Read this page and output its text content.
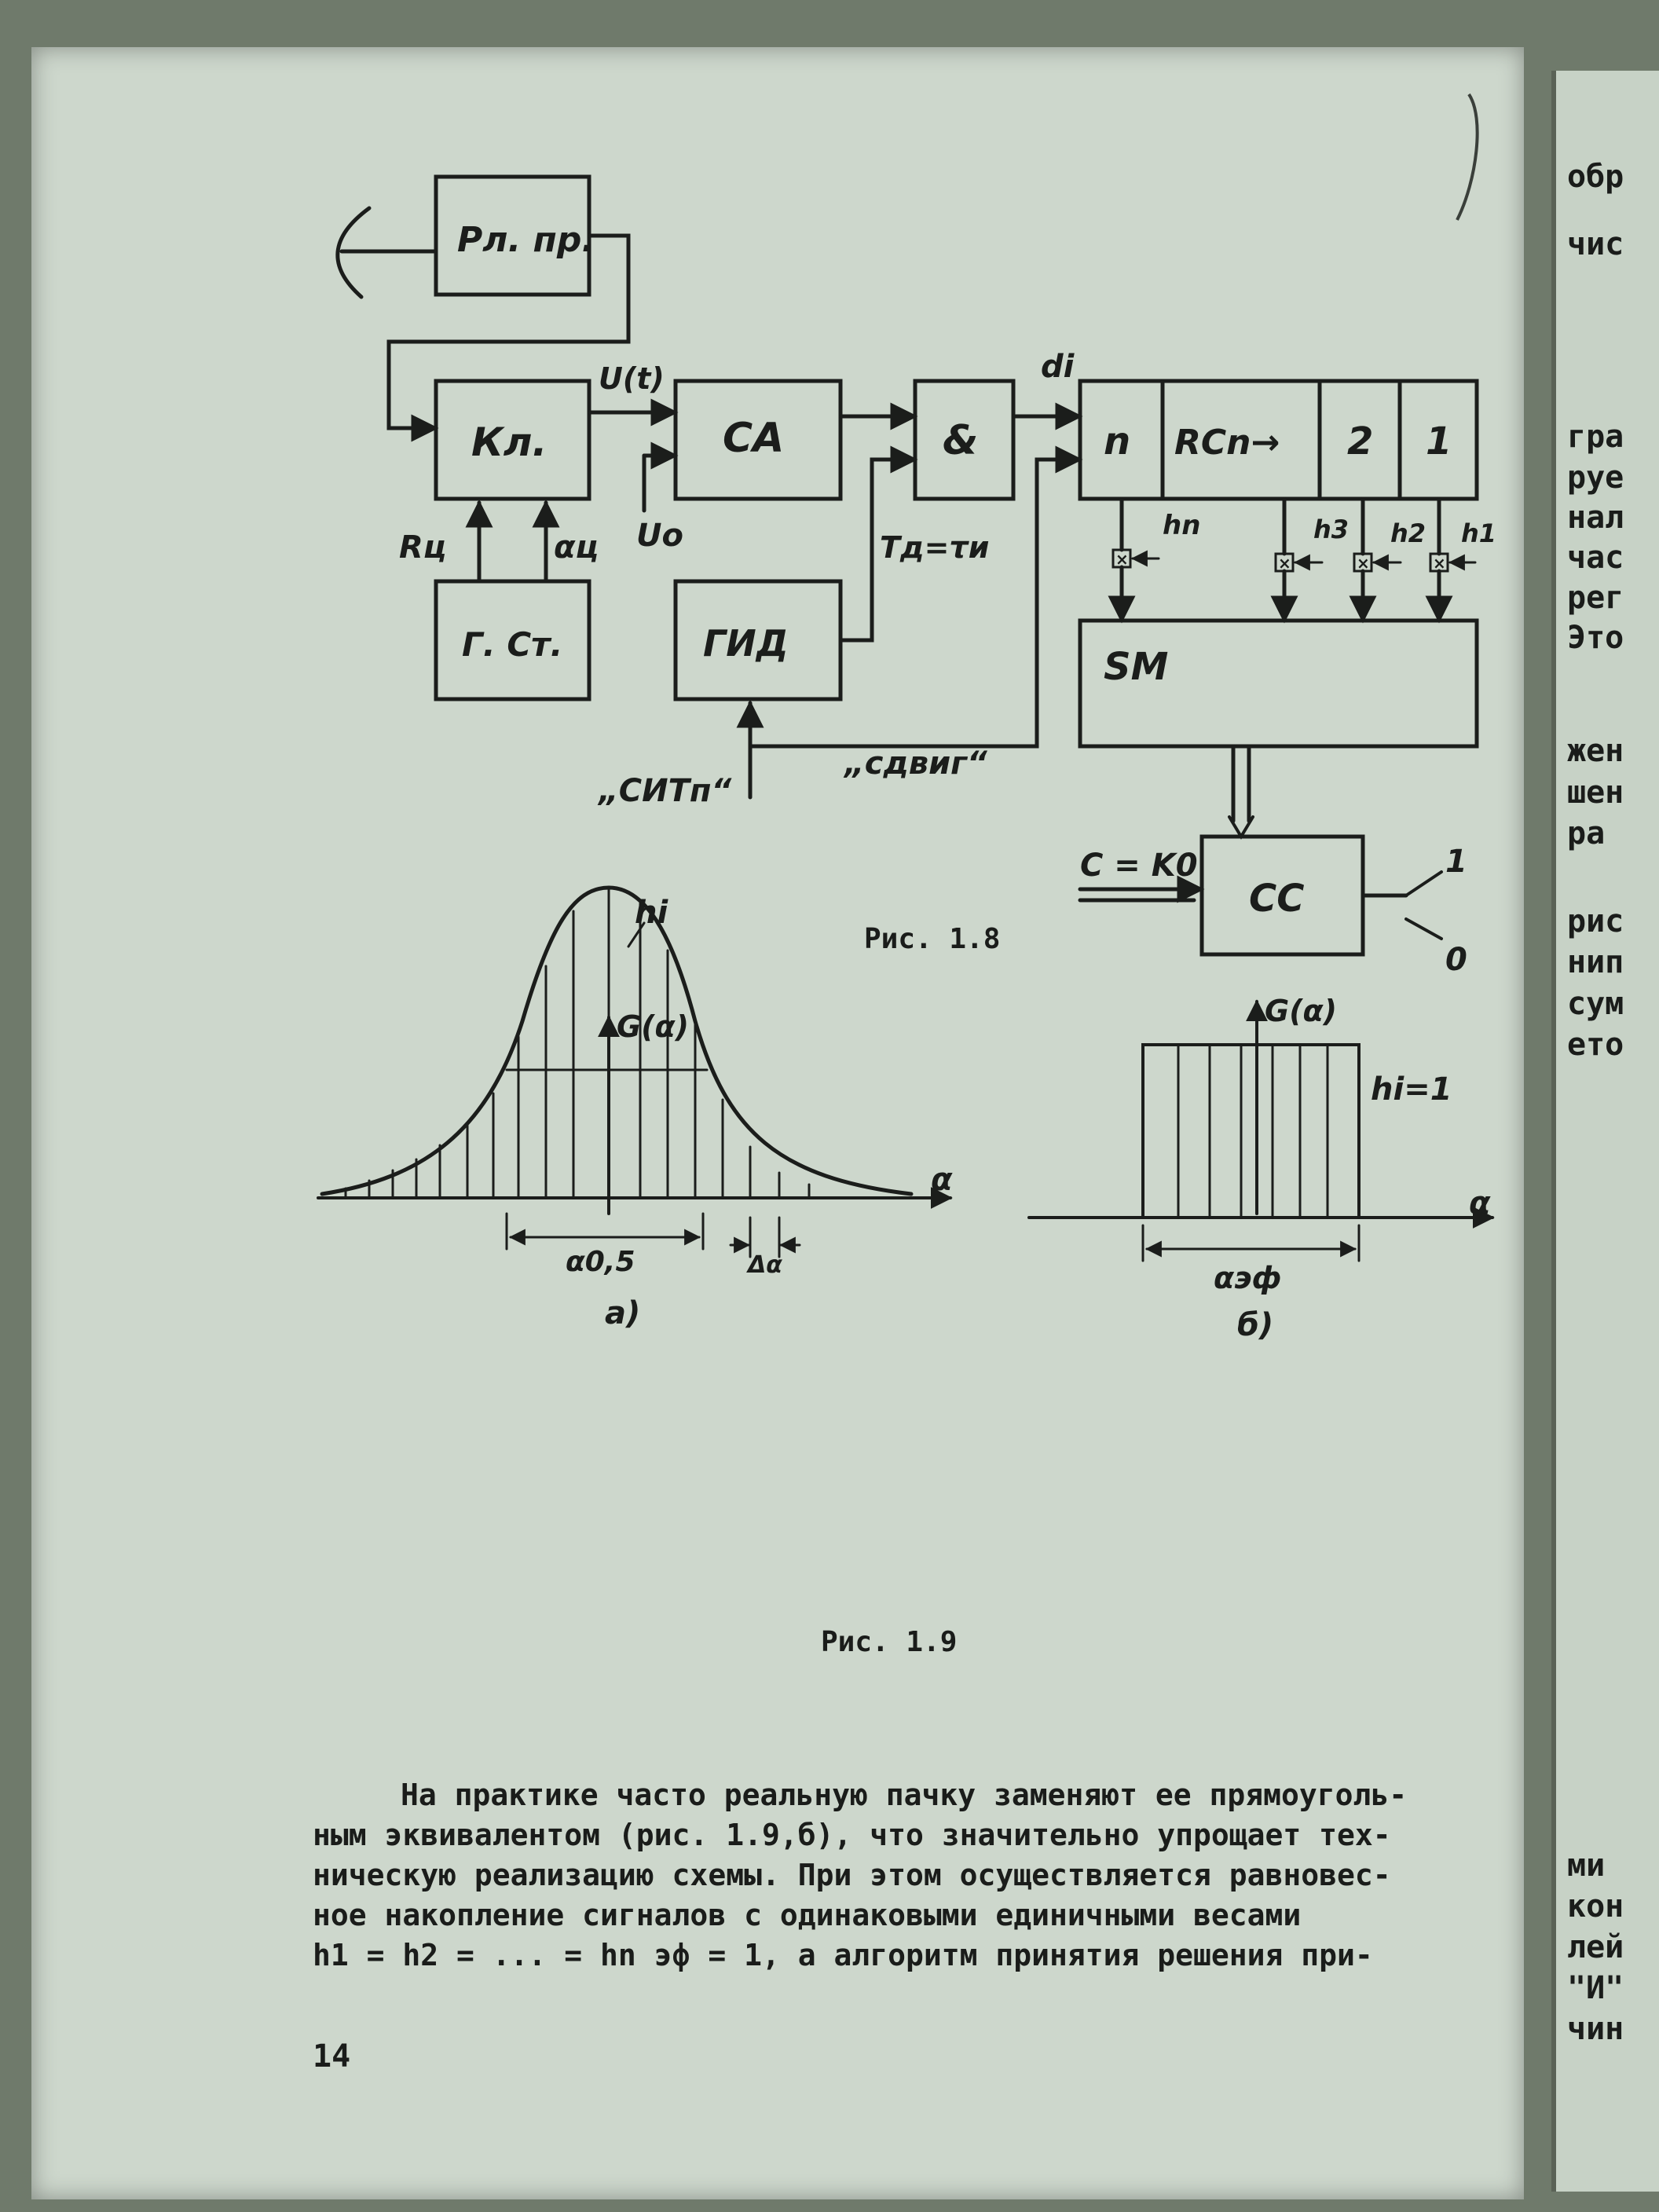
обр
чис
гра
руе
нал
час
рег
Это
жен
шен
ра
рис
нип
сум
ето
ми
кон
лей
"И"
чин
Рл. пр.
Кл.	СА	&	n RCn→ 2 1
Г. Ст.	ГИД
SM
СС
U(t)
Uo
di
Rц	αц	Tд=τи
hn	h3 h2 h1
„СИТп“
„сдвиг“
C = K0	1
0
×	×	×	×
G(α)
α
hi
α0,5	Δα
а)
G(α)
α
hi=1
αэф
б)
Рис. 1.8
Рис. 1.9
На практике часто реальную пачку заменяют ее прямоуголь-
ным эквивалентом (рис. 1.9,б), что значительно упрощает тех-
ническую реализацию схемы. При этом осуществляется равновес-
ное накопление сигналов с одинаковыми единичными весами
h1 = h2 = ... = hn эф = 1, а алгоритм принятия решения при-
14
